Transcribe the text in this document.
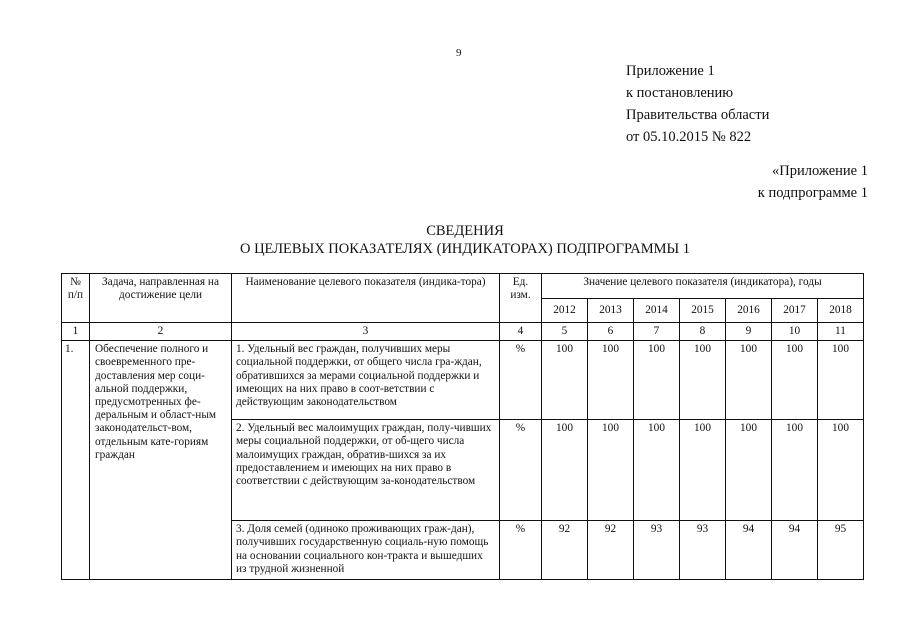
9
Приложение 1
к постановлению
Правительства области
от 05.10.2015 № 822
«Приложение 1
к подпрограмме 1
СВЕДЕНИЯ
О ЦЕЛЕВЫХ ПОКАЗАТЕЛЯХ (ИНДИКАТОРАХ) ПОДПРОГРАММЫ 1
№ п/п	Задача, направленная на достижение цели	Наименование целевого показателя (индика-тора)	Ед. изм.	Значение целевого показателя (индикатора), годы						
				2012	2013	2014	2015	2016	2017	2018
1	2	3	4	5	6	7	8	9	10	11
1.	Обеспечение полного и своевременного пре-доставления мер соци-альной поддержки, предусмотренных фе-деральным и област-ным законодательст-вом, отдельным кате-гориям граждан	1. Удельный вес граждан, получивших меры социальной поддержки, от общего числа гра-ждан, обратившихся за мерами социальной поддержки и имеющих на них право в соот-ветствии с действующим законодательством	%	100	100	100	100	100	100	100
		2. Удельный вес малоимущих граждан, полу-чивших меры социальной поддержки, от об-щего числа малоимущих граждан, обратив-шихся за их предоставлением и имеющих на них право в соответствии с действующим за-конодательством	%	100	100	100	100	100	100	100
		3. Доля семей (одиноко проживающих граж-дан), получивших государственную социаль-ную помощь на основании социального кон-тракта и вышедших из трудной жизненной	%	92	92	93	93	94	94	95
